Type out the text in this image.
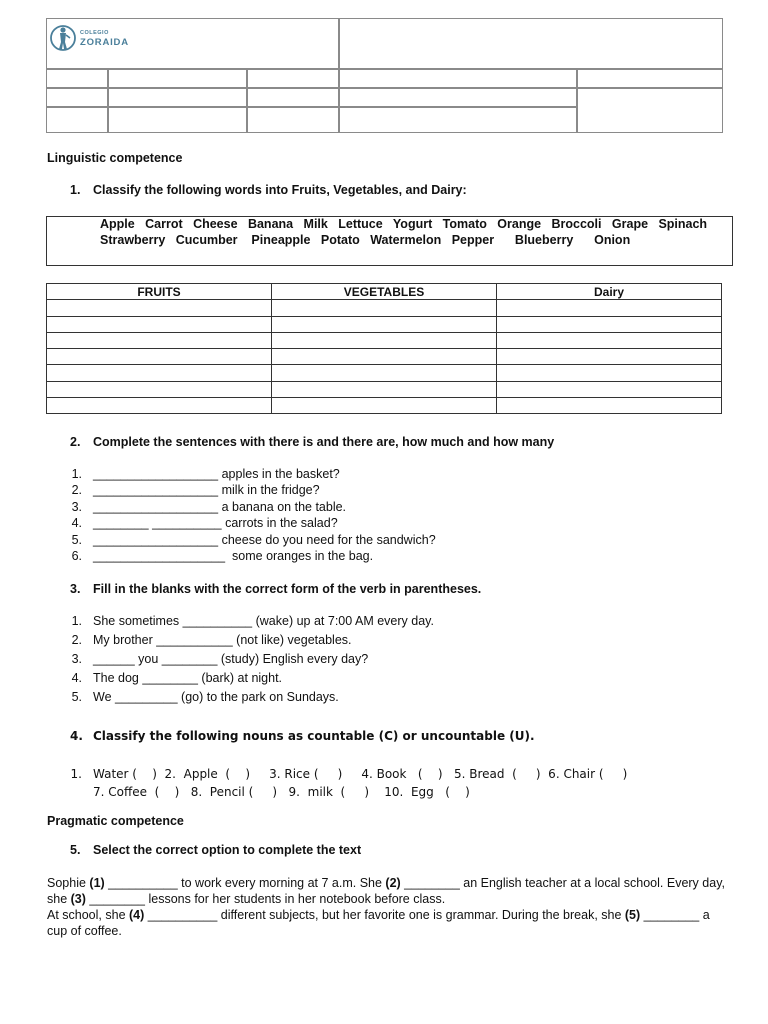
COLEGIO
ZORAIDA
Linguistic competence
1. Classify the following words into Fruits, Vegetables, and Dairy:
Apple   Carrot   Cheese   Banana   Milk   Lettuce   Yogurt   Tomato   Orange   Broccoli   Grape   Spinach
Strawberry   Cucumber    Pineapple   Potato   Watermelon   Pepper      Blueberry      Onion
FRUITS	VEGETABLES	Dairy

2. Complete the sentences with there is and there are, how much and how many
1. __________________ apples in the basket?
2. __________________ milk in the fridge?
3. __________________ a banana on the table.
4. ________ __________ carrots in the salad?
5. __________________ cheese do you need for the sandwich?
6. ___________________  some oranges in the bag.
3. Fill in the blanks with the correct form of the verb in parentheses.
1. She sometimes __________ (wake) up at 7:00 AM every day.
2. My brother ___________ (not like) vegetables.
3. ______ you ________ (study) English every day?
4. The dog ________ (bark) at night.
5. We _________ (go) to the park on Sundays.
4. Classify the following nouns as countable (C) or uncountable (U).
1. Water (    )  2.  Apple  (    )     3. Rice (     )     4. Book   (    )   5. Bread  (     )  6. Chair (     )
7. Coffee  (    )   8.  Pencil (     )   9.  milk  (     )    10.  Egg   (    )
Pragmatic competence
5. Select the correct option to complete the text
Sophie (1) __________ to work every morning at 7 a.m. She (2) ________ an English teacher at a local school. Every day, she (3) ________ lessons for her students in her notebook before class.
At school, she (4) __________ different subjects, but her favorite one is grammar. During the break, she (5) ________ a cup of coffee.
